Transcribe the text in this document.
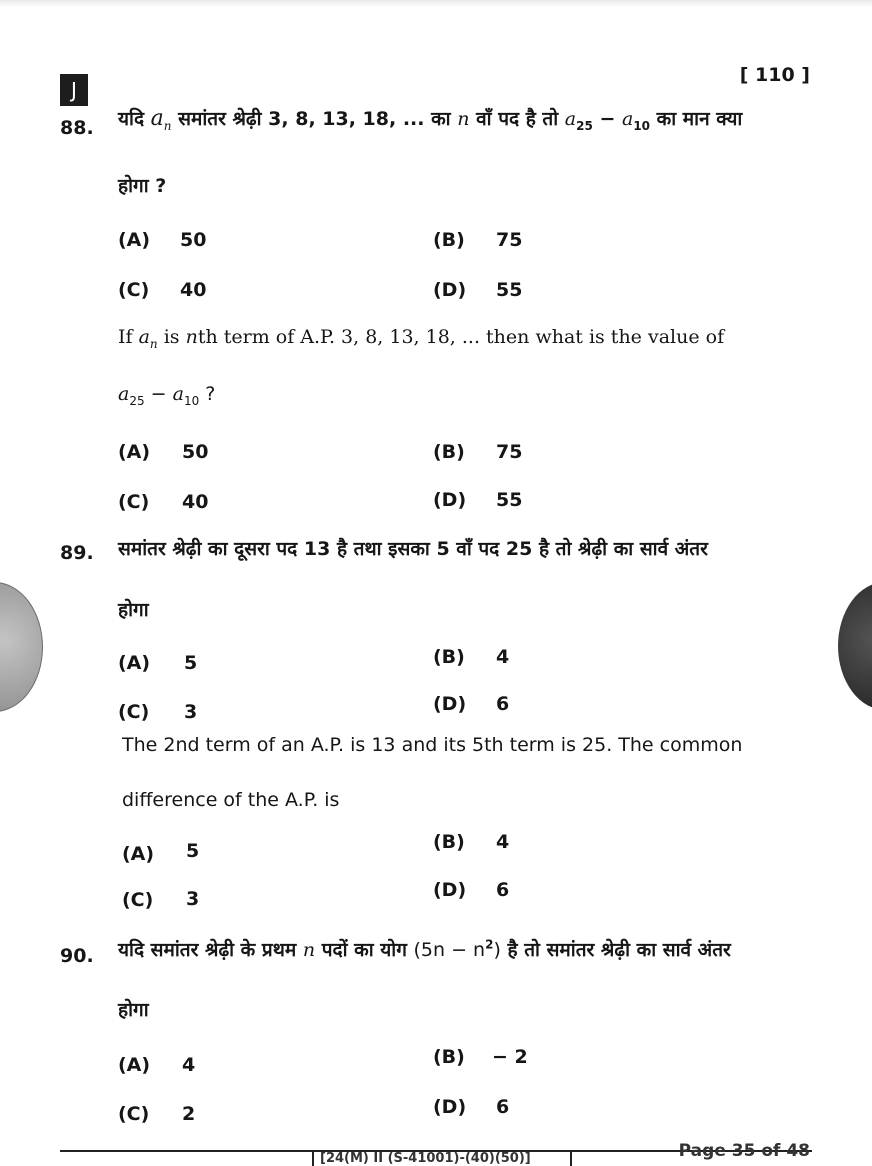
J
[ 110 ]
88. यदि $a_n$ समांतर श्रेढ़ी 3, 8, 13, 18, ... का n वाँ पद है तो $a_{25} - a_{10}$ का मान क्या
होगा ?
(A) 50	(B) 75
(C) 40	(D) 55
If $a_n$ is nth term of A.P. 3, 8, 13, 18, ... then what is the value of
$a_{25} - a_{10}$ ?
(A) 50	(B) 75
(C) 40	(D) 55
89. समांतर श्रेढ़ी का दूसरा पद 13 है तथा इसका 5 वाँ पद 25 है तो श्रेढ़ी का सार्व अंतर
होगा
(A) 5	(B) 4
(C) 3	(D) 6
The 2nd term of an A.P. is 13 and its 5th term is 25. The common
difference of the A.P. is
(A) 5	(B) 4
(C) 3	(D) 6
90. यदि समांतर श्रेढ़ी के प्रथम n पदों का योग $(5n - n^2)$ है तो समांतर श्रेढ़ी का सार्व अंतर
होगा
(A) 4	(B) − 2
(C) 2	(D) 6
[24(M) II (S-41001)-(40)(50)]	Page 35 of 48
